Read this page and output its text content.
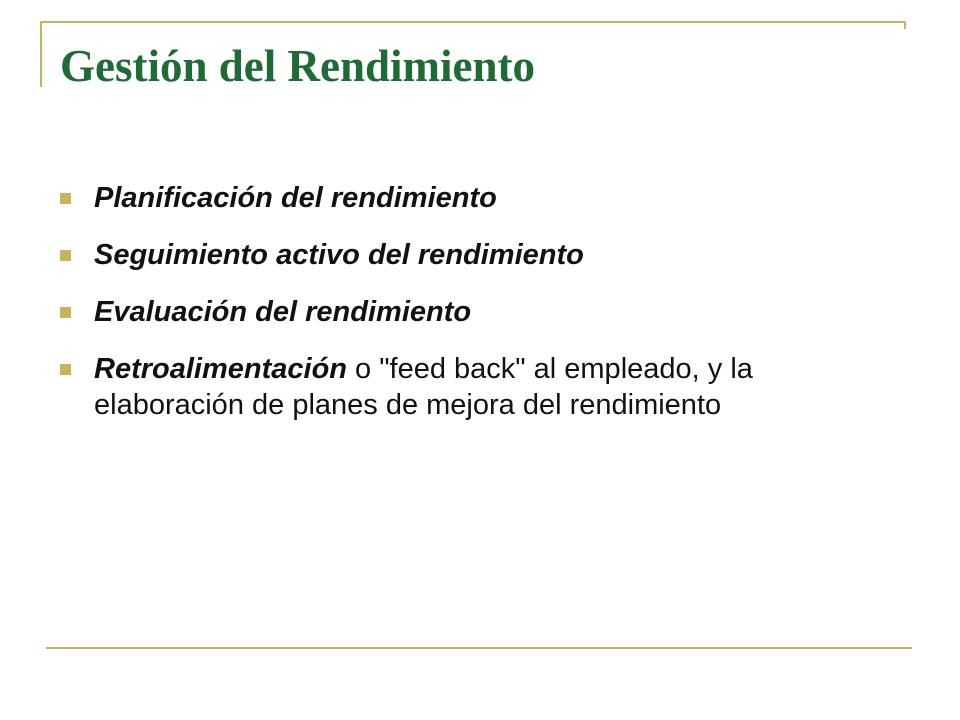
Gestión del Rendimiento
Planificación del rendimiento
Seguimiento activo del rendimiento
Evaluación del rendimiento
Retroalimentación o "feed back" al empleado, y la elaboración de planes de mejora del rendimiento
